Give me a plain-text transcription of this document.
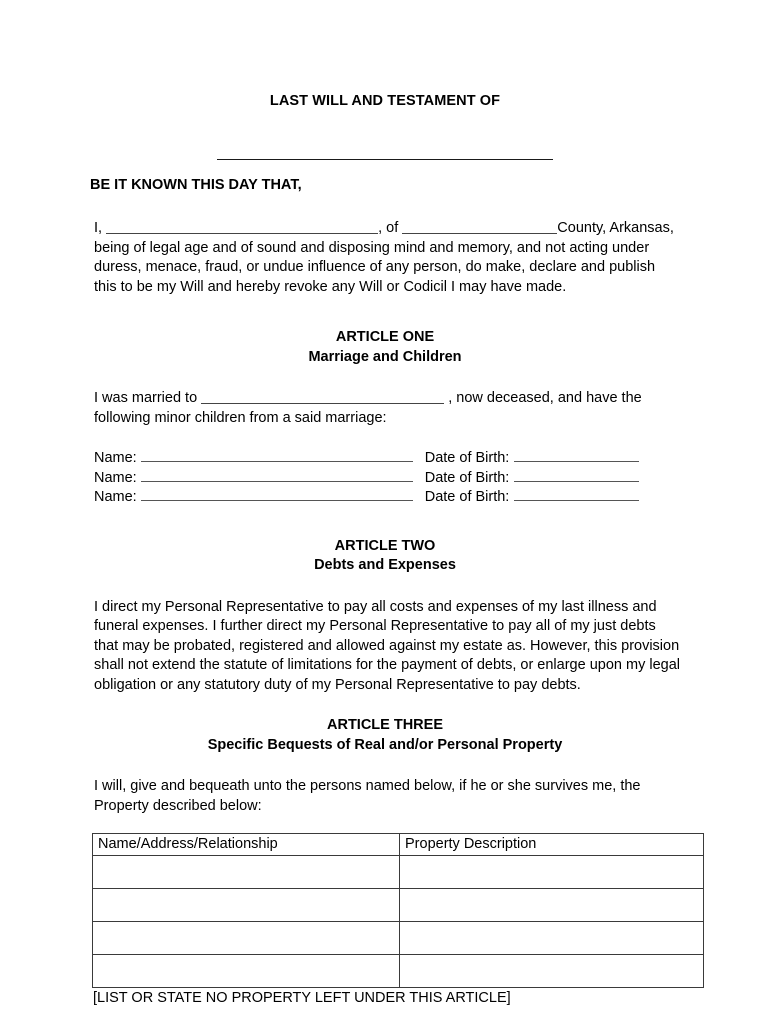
LAST WILL AND TESTAMENT OF
BE IT KNOWN THIS DAY THAT,

I,	, of	County, Arkansas, being of legal age and of sound and disposing mind and memory, and not acting under duress, menace, fraud, or undue influence of any person, do make, declare and publish this to be my Will and hereby revoke any Will or Codicil I may have made.

ARTICLE ONE
Marriage and Children

I was married to	, now deceased, and have the following minor children from a said marriage:

Name:	Date of Birth:
Name:	Date of Birth:
Name:	Date of Birth:
ARTICLE TWO
Debts and Expenses

I direct my Personal Representative to pay all costs and expenses of my last illness and funeral expenses. I further direct my Personal Representative to pay all of my just debts that may be probated, registered and allowed against my estate as. However, this provision shall not extend the statute of limitations for the payment of debts, or enlarge upon my legal obligation or any statutory duty of my Personal Representative to pay debts.

ARTICLE THREE
Specific Bequests of Real and/or Personal Property

I will, give and bequeath unto the persons named below, if he or she survives me, the Property described below:

Name/Address/Relationship	Property Description

[LIST OR STATE NO PROPERTY LEFT UNDER THIS ARTICLE]
